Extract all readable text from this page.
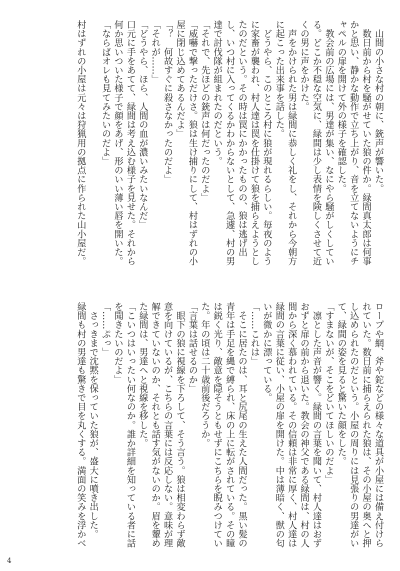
　山間の小さな村の朝に、銃声が響いた。

　数日前から村を騒がせていた狼の件か。緑間真太郎は何事かと思い、静かな動作で立ち上がり、音を立てないようにチャペルの扉を開けて外の様子を確認した。

　教会前の広場には、男達が集い、なにやら騒がしくしている。どこか不穏な空気に、緑間は少し表情を険しくさせて近くの男に声をかけた。

　声をかけられた男は緑間に恭しく礼をし、それから今朝方に起こった出来事を話した。

　どうやら、このところ村に狼が現れるらしい。毎夜のように家畜が襲われ、村人達は罠を仕掛けて狼を捕らえようとしたのだという。その時は罠にかかったものの、狼は逃げ出し、いつ村に入ってくるかわからないとして、急遽、村の男達で討伐隊が組まれたのだという。

「それで、先ほどの銃声は何だったのだよ」

「威嚇で撃っただけさ。狼は生け捕りにして、村はずれの小屋に閉じ込めてあるんだよ」

「？　何故すぐに殺さなかったのだよ」

「それが……」

「どうやら、ほら、人間の血が濃いみたいなんだ」

口元に手をあてて、緑間は考え込む様子を見せた。それから何か思いついた様子で顔をあげ、形のいい薄い唇を開いた。

「ならばオレも見てみたいのだよ」

村はずれの小屋は元々は狩猟用の拠点に作られた山小屋だ。

ロープや網、斧や鉈などの様々な道具が小屋には備え付けられていた。数日前に捕らえられた狼は、その小屋の奥へと押し込められたのだという。小屋の周りには見張りの男達がいて、緑間の姿を見ると驚いた顔をした。

「すまないが、そこをどいてほしいのだよ」

　凛とした声音が響く。緑間の言葉を聞いて、村人達はおずおずと扉の前から退いた。教会の神父である緑間は、村の人間から深く慕われている。その信頼は非常に厚く、村人達は緑間の言葉に従い、小屋の扉を開けた。中は薄暗く、獣の匂いが微かに漂っている。

「……これは」

　そこに居たのは、耳と尻尾の生えた人間だった。黒い髪の青年は手足を縄で縛られ、床の上に転がされている。その瞳は鋭く光り、敵意を隠そうともせずにこちらを睨みつけていた。年の頃は二十歳前後だろうか。

「言葉は話せるのか」

　眼下の狼に視線を下ろして、そう言う。狼は相変わらず敵意を向けているが、こちらの言葉には反応しない。意味が理解できていないのか、それとも話す気がないのか。眉を顰めた緑間は、男達へと視線を移した。

「こいつはいったい何なのか。誰か詳細を知っている者に話を聞きたいのだよ」

「……ぷっ」

　さっきまで沈黙を保っていた狼が、盛大に噴き出した。

緑間も村の男達も驚きで目を丸くする。満面の笑みを浮かべ

4
